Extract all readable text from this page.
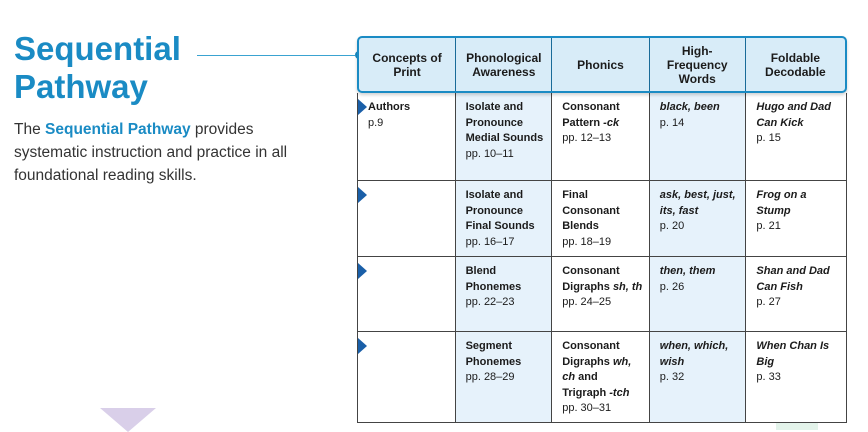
Sequential
Pathway

The Sequential Pathway provides systematic instruction and practice in all foundational reading skills.

Concepts of Print
Phonological Awareness	Phonics
High-Frequency Words
Foldable Decodable
Authors
p.9
Isolate and Pronounce Medial Sounds
pp. 10–11
Consonant Pattern -ck
pp. 12–13
black, been
p. 14
Hugo and Dad Can Kick
p. 15
Isolate and Pronounce Final Sounds
pp. 16–17
Final Consonant Blends
pp. 18–19
ask, best, just, its, fast
p. 20
Frog on a Stump
p. 21
Blend Phonemes
pp. 22–23
Consonant Digraphs sh, th
pp. 24–25
then, them
p. 26
Shan and Dad Can Fish
p. 27
Segment Phonemes
pp. 28–29
Consonant Digraphs wh, ch and Trigraph -tch
pp. 30–31
when, which, wish
p. 32
When Chan Is Big
p. 33
